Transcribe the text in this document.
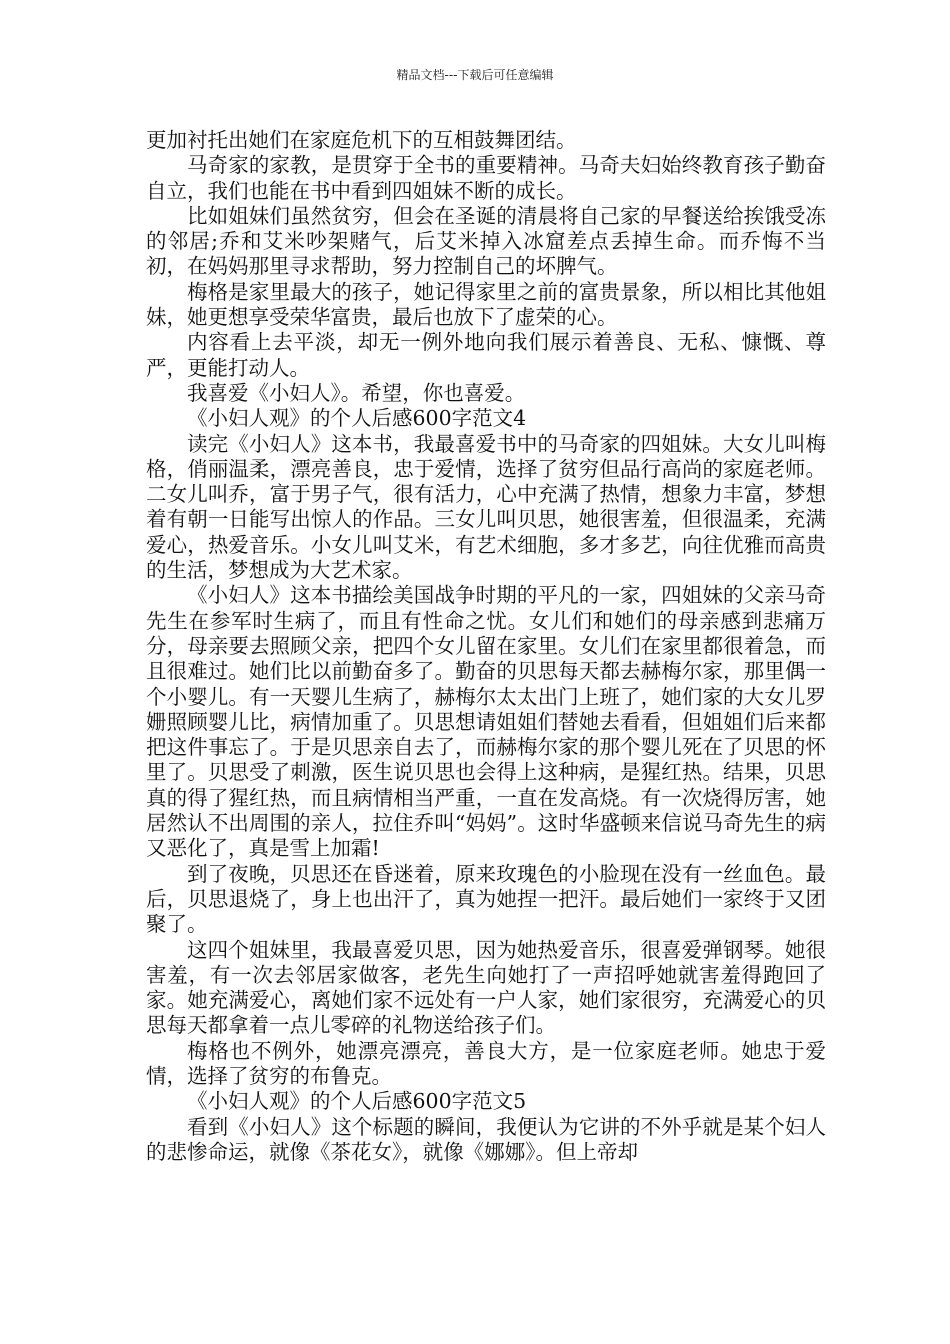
精品文档---下载后可任意编辑

更加衬托出她们在家庭危机下的互相鼓舞团结。

马奇家的家教，是贯穿于全书的重要精神。马奇夫妇始终教育孩子勤奋自立，我们也能在书中看到四姐妹不断的成长。

比如姐妹们虽然贫穷，但会在圣诞的清晨将自己家的早餐送给挨饿受冻的邻居;乔和艾米吵架赌气，后艾米掉入冰窟差点丢掉生命。而乔悔不当初，在妈妈那里寻求帮助，努力控制自己的坏脾气。

梅格是家里最大的孩子，她记得家里之前的富贵景象，所以相比其他姐妹，她更想享受荣华富贵，最后也放下了虚荣的心。

内容看上去平淡，却无一例外地向我们展示着善良、无私、慷慨、尊严，更能打动人。

我喜爱《小妇人》。希望，你也喜爱。

《小妇人观》的个人后感600字范文4

读完《小妇人》这本书，我最喜爱书中的马奇家的四姐妹。大女儿叫梅格，俏丽温柔，漂亮善良，忠于爱情，选择了贫穷但品行高尚的家庭老师。二女儿叫乔，富于男子气，很有活力，心中充满了热情，想象力丰富，梦想着有朝一日能写出惊人的作品。三女儿叫贝思，她很害羞，但很温柔，充满爱心，热爱音乐。小女儿叫艾米，有艺术细胞，多才多艺，向往优雅而高贵的生活，梦想成为大艺术家。

《小妇人》这本书描绘美国战争时期的平凡的一家，四姐妹的父亲马奇先生在参军时生病了，而且有性命之忧。女儿们和她们的母亲感到悲痛万分，母亲要去照顾父亲，把四个女儿留在家里。女儿们在家里都很着急，而且很难过。她们比以前勤奋多了。勤奋的贝思每天都去赫梅尔家，那里偶一个小婴儿。有一天婴儿生病了，赫梅尔太太出门上班了，她们家的大女儿罗姗照顾婴儿比，病情加重了。贝思想请姐姐们替她去看看，但姐姐们后来都把这件事忘了。于是贝思亲自去了，而赫梅尔家的那个婴儿死在了贝思的怀里了。贝思受了刺激，医生说贝思也会得上这种病，是猩红热。结果，贝思真的得了猩红热，而且病情相当严重，一直在发高烧。有一次烧得厉害，她居然认不出周围的亲人，拉住乔叫“妈妈”。这时华盛顿来信说马奇先生的病又恶化了，真是雪上加霜!

到了夜晚，贝思还在昏迷着，原来玫瑰色的小脸现在没有一丝血色。最后，贝思退烧了，身上也出汗了，真为她捏一把汗。最后她们一家终于又团聚了。

这四个姐妹里，我最喜爱贝思，因为她热爱音乐，很喜爱弹钢琴。她很害羞，有一次去邻居家做客，老先生向她打了一声招呼她就害羞得跑回了家。她充满爱心，离她们家不远处有一户人家，她们家很穷，充满爱心的贝思每天都拿着一点儿零碎的礼物送给孩子们。

梅格也不例外，她漂亮漂亮，善良大方，是一位家庭老师。她忠于爱情，选择了贫穷的布鲁克。

《小妇人观》的个人后感600字范文5

看到《小妇人》这个标题的瞬间，我便认为它讲的不外乎就是某个妇人的悲惨命运，就像《茶花女》，就像《娜娜》。但上帝却
